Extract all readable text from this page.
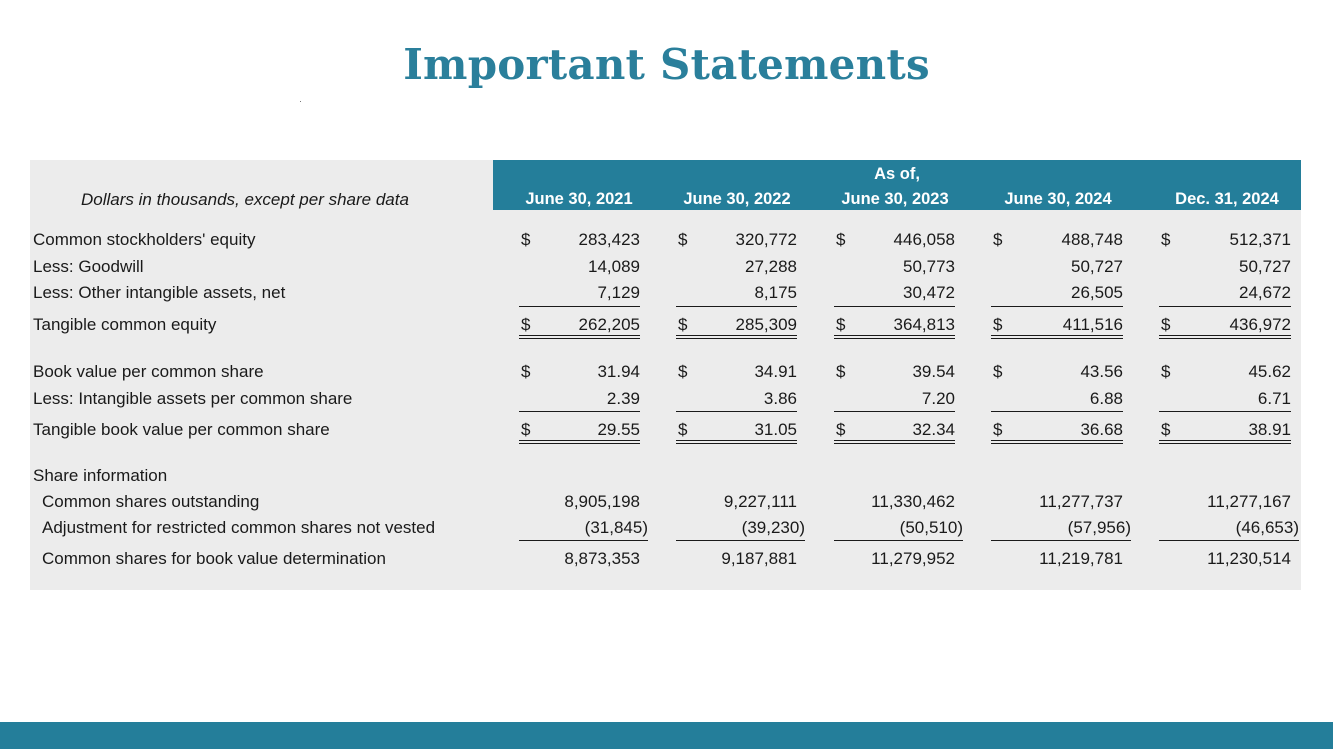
Important Statements
As of,
Dollars in thousands, except per share data	June 30, 2021	June 30, 2022	June 30, 2023	June 30, 2024	Dec. 31, 2024
Common stockholders' equity	$	283,423 $	320,772 $	446,058 $	488,748 $	512,371
Less: Goodwill	14,089	27,288	50,773	50,727	50,727
Less: Other intangible assets, net	7,129	8,175	30,472	26,505	24,672
Tangible common equity	$	262,205 $	285,309 $	364,813 $	411,516 $	436,972
Book value per common share	$	31.94 $	34.91 $	39.54 $	43.56 $	45.62
Less: Intangible assets per common share	2.39	3.86	7.20	6.88	6.71
Tangible book value per common share	$	29.55 $	31.05 $	32.34 $	36.68 $	38.91
Share information
Common shares outstanding	8,905,198	9,227,111	11,330,462	11,277,737	11,277,167
Adjustment for restricted common shares not vested	(31,845)	(39,230)	(50,510)	(57,956)	(46,653)
Common shares for book value determination	8,873,353	9,187,881	11,279,952	11,219,781	11,230,514
